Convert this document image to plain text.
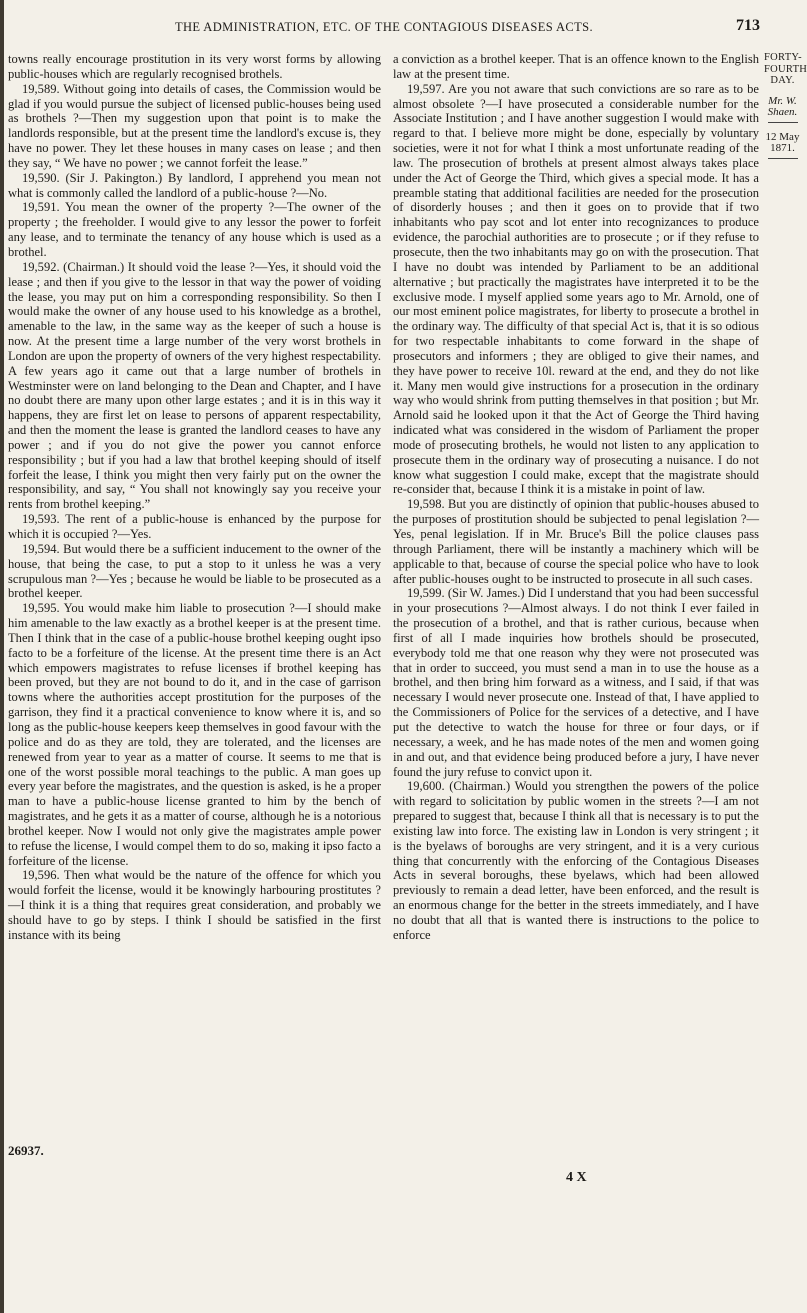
THE ADMINISTRATION, ETC. OF THE CONTAGIOUS DISEASES ACTS.	713

towns really encourage prostitution in its very worst forms by allowing public-houses which are regularly recognised brothels.

19,589. Without going into details of cases, the Commission would be glad if you would pursue the subject of licensed public-houses being used as brothels ?—Then my suggestion upon that point is to make the landlords responsible, but at the present time the landlord's excuse is, they have no power. They let these houses in many cases on lease ; and then they say, “ We have no power ; we cannot forfeit the lease.”

19,590. (Sir J. Pakington.) By landlord, I apprehend you mean not what is commonly called the landlord of a public-house ?—No.

19,591. You mean the owner of the property ?—The owner of the property ; the freeholder. I would give to any lessor the power to forfeit any lease, and to terminate the tenancy of any house which is used as a brothel.

19,592. (Chairman.) It should void the lease ?—Yes, it should void the lease ; and then if you give to the lessor in that way the power of voiding the lease, you may put on him a corresponding responsibility. So then I would make the owner of any house used to his knowledge as a brothel, amenable to the law, in the same way as the keeper of such a house is now. At the present time a large number of the very worst brothels in London are upon the property of owners of the very highest respectability. A few years ago it came out that a large number of brothels in Westminster were on land belonging to the Dean and Chapter, and I have no doubt there are many upon other large estates ; and it is in this way it happens, they are first let on lease to persons of apparent respectability, and then the moment the lease is granted the landlord ceases to have any power ; and if you do not give the power you cannot enforce responsibility ; but if you had a law that brothel keeping should of itself forfeit the lease, I think you might then very fairly put on the owner the responsibility, and say, “ You shall not knowingly say you receive your rents from brothel keeping.”

19,593. The rent of a public-house is enhanced by the purpose for which it is occupied ?—Yes.

19,594. But would there be a sufficient inducement to the owner of the house, that being the case, to put a stop to it unless he was a very scrupulous man ?—Yes ; because he would be liable to be prosecuted as a brothel keeper.

19,595. You would make him liable to prosecution ?—I should make him amenable to the law exactly as a brothel keeper is at the present time. Then I think that in the case of a public-house brothel keeping ought ipso facto to be a forfeiture of the license. At the present time there is an Act which empowers magistrates to refuse licenses if brothel keeping has been proved, but they are not bound to do it, and in the case of garrison towns where the authorities accept prostitution for the purposes of the garrison, they find it a practical convenience to know where it is, and so long as the public-house keepers keep themselves in good favour with the police and do as they are told, they are tolerated, and the licenses are renewed from year to year as a matter of course. It seems to me that is one of the worst possible moral teachings to the public. A man goes up every year before the magistrates, and the question is asked, is he a proper man to have a public-house license granted to him by the bench of magistrates, and he gets it as a matter of course, although he is a notorious brothel keeper. Now I would not only give the magistrates ample power to refuse the license, I would compel them to do so, making it ipso facto a forfeiture of the license.

19,596. Then what would be the nature of the offence for which you would forfeit the license, would it be knowingly harbouring prostitutes ?—I think it is a thing that requires great consideration, and probably we should have to go by steps. I think I should be satisfied in the first instance with its being

a conviction as a brothel keeper. That is an offence known to the English law at the present time.

19,597. Are you not aware that such convictions are so rare as to be almost obsolete ?—I have prosecuted a considerable number for the Associate Institution ; and I have another suggestion I would make with regard to that. I believe more might be done, especially by voluntary societies, were it not for what I think a most unfortunate reading of the law. The prosecution of brothels at present almost always takes place under the Act of George the Third, which gives a special mode. It has a preamble stating that additional facilities are needed for the prosecution of disorderly houses ; and then it goes on to provide that if two inhabitants who pay scot and lot enter into recognizances to produce evidence, the parochial authorities are to prosecute ; or if they refuse to prosecute, then the two inhabitants may go on with the prosecution. That I have no doubt was intended by Parliament to be an additional alternative ; but practically the magistrates have interpreted it to be the exclusive mode. I myself applied some years ago to Mr. Arnold, one of our most eminent police magistrates, for liberty to prosecute a brothel in the ordinary way. The difficulty of that special Act is, that it is so odious for two respectable inhabitants to come forward in the shape of prosecutors and informers ; they are obliged to give their names, and they have power to receive 10l. reward at the end, and they do not like it. Many men would give instructions for a prosecution in the ordinary way who would shrink from putting themselves in that position ; but Mr. Arnold said he looked upon it that the Act of George the Third having indicated what was considered in the wisdom of Parliament the proper mode of prosecuting brothels, he would not listen to any application to prosecute them in the ordinary way of prosecuting a nuisance. I do not know what suggestion I could make, except that the magistrate should re-consider that, because I think it is a mistake in point of law.

19,598. But you are distinctly of opinion that public-houses abused to the purposes of prostitution should be subjected to penal legislation ?—Yes, penal legislation. If in Mr. Bruce's Bill the police clauses pass through Parliament, there will be instantly a machinery which will be applicable to that, because of course the special police who have to look after public-houses ought to be instructed to prosecute in all such cases.

19,599. (Sir W. James.) Did I understand that you had been successful in your prosecutions ?—Almost always. I do not think I ever failed in the prosecution of a brothel, and that is rather curious, because when first of all I made inquiries how brothels should be prosecuted, everybody told me that one reason why they were not prosecuted was that in order to succeed, you must send a man in to use the house as a brothel, and then bring him forward as a witness, and I said, if that was necessary I would never prosecute one. Instead of that, I have applied to the Commissioners of Police for the services of a detective, and I have put the detective to watch the house for three or four days, or if necessary, a week, and he has made notes of the men and women going in and out, and that evidence being produced before a jury, I have never found the jury refuse to convict upon it.

19,600. (Chairman.) Would you strengthen the powers of the police with regard to solicitation by public women in the streets ?—I am not prepared to suggest that, because I think all that is necessary is to put the existing law into force. The existing law in London is very stringent ; it is the byelaws of boroughs are very stringent, and it is a very curious thing that concurrently with the enforcing of the Contagious Diseases Acts in several boroughs, these byelaws, which had been allowed previously to remain a dead letter, have been enforced, and the result is an enormous change for the better in the streets immediately, and I have no doubt that all that is wanted there is instructions to the police to enforce

FORTY-FOURTH DAY.
Mr. W. Shaen.
12 May 1871.
26937.
4 X
